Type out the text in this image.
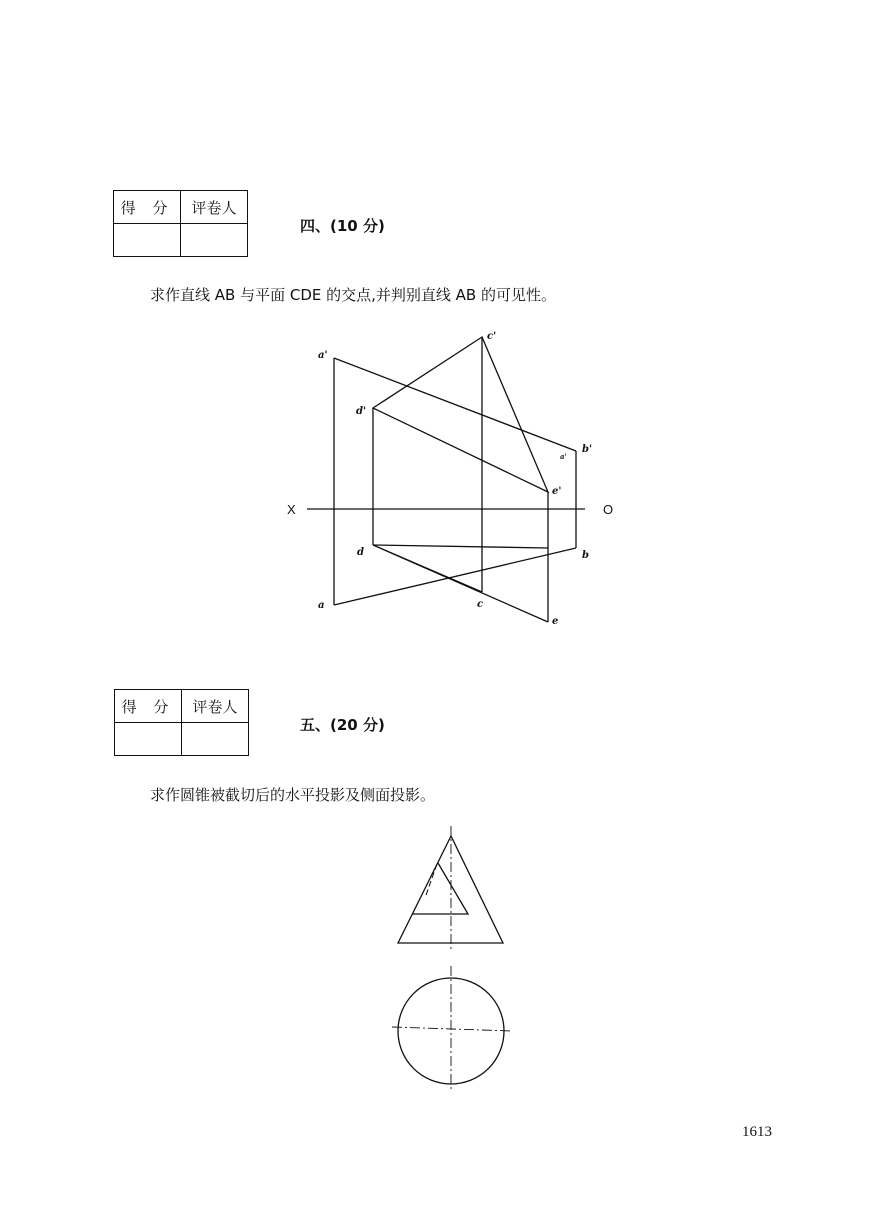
得 分	评卷人

四、(10 分)
求作直线 AB 与平面 CDE 的交点,并判别直线 AB 的可见性。
a'
b'
c'
d'
e'
a'
a
b
c
d
e
X	O
得 分	评卷人

五、(20 分)
求作圆锥被截切后的水平投影及侧面投影。
1613
